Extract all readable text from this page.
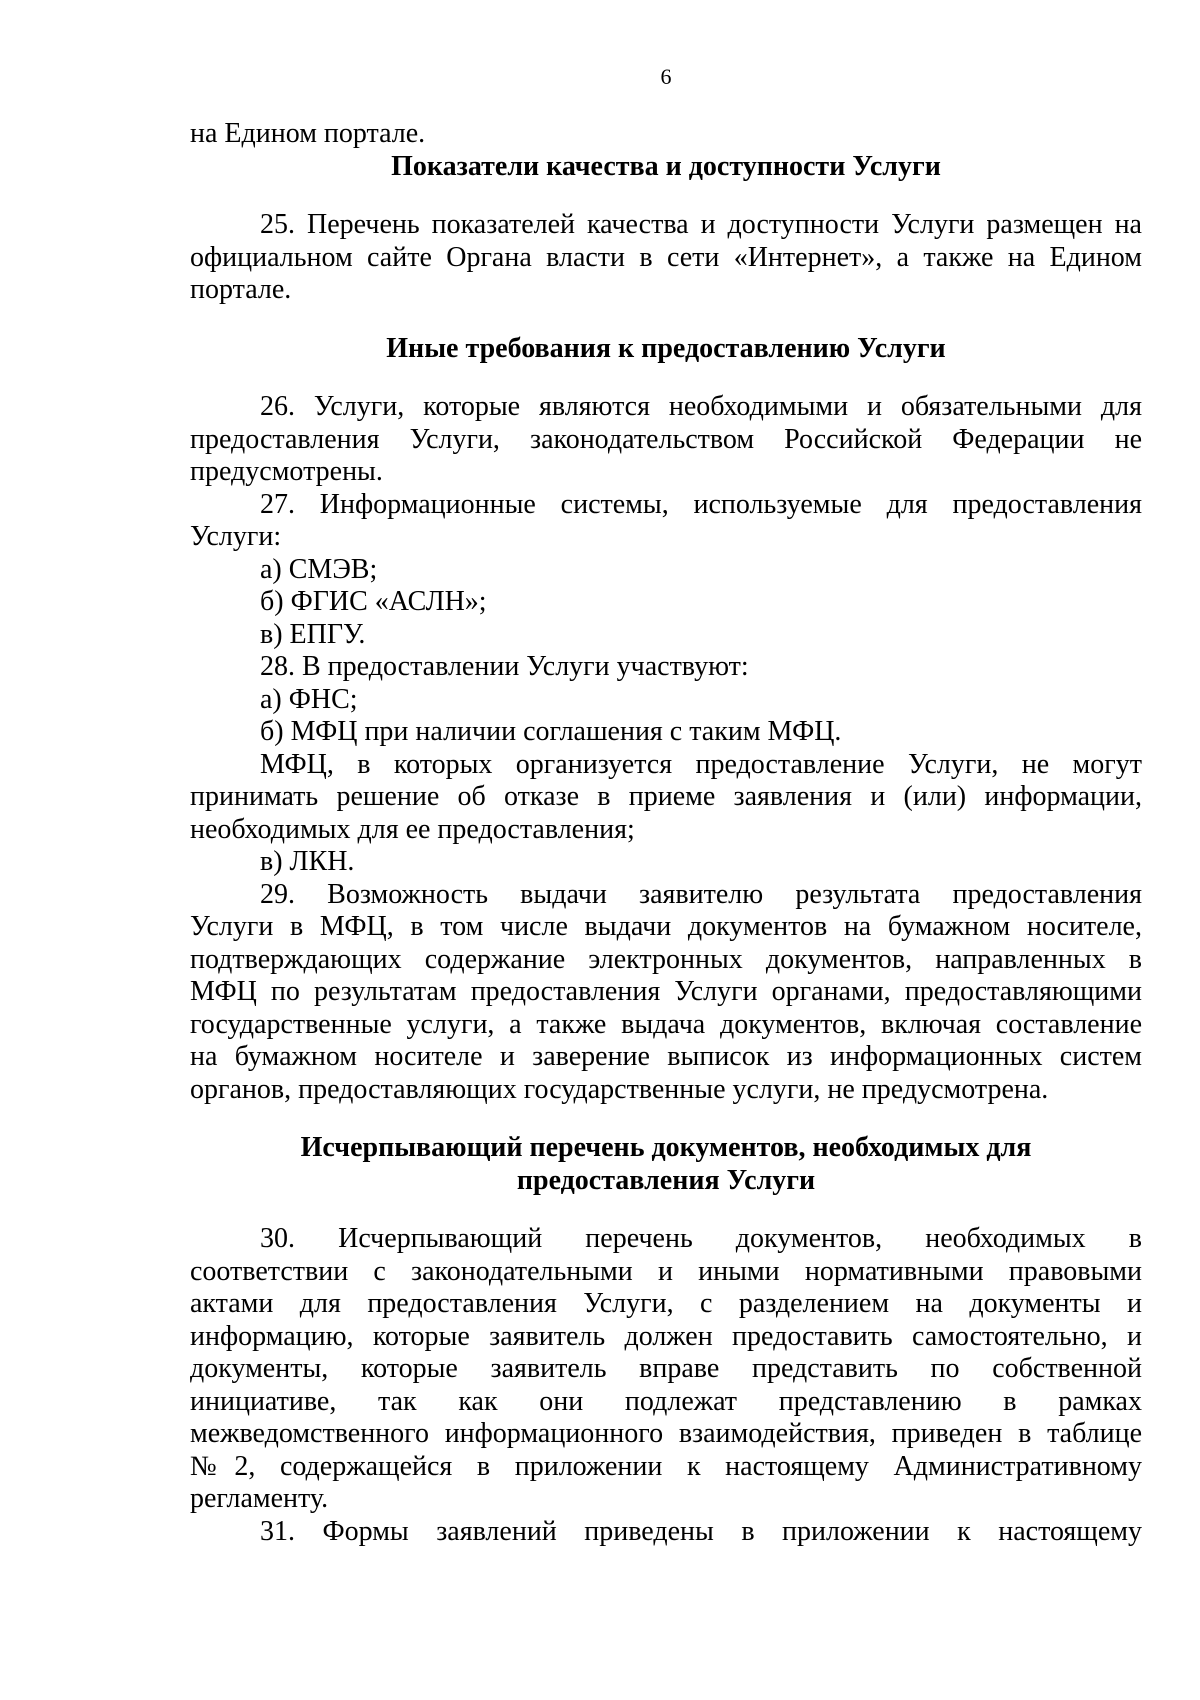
6
на Едином портале.
Показатели качества и доступности Услуги
25. Перечень показателей качества и доступности Услуги размещен на
официальном сайте Органа власти в сети «Интернет», а также на Едином
портале.
Иные требования к предоставлению Услуги
26. Услуги, которые являются необходимыми и обязательными для
предоставления Услуги, законодательством Российской Федерации не
предусмотрены.
27. Информационные системы, используемые для предоставления
Услуги:
а) СМЭВ;
б) ФГИС «АСЛН»;
в) ЕПГУ.
28. В предоставлении Услуги участвуют:
а) ФНС;
б) МФЦ при наличии соглашения с таким МФЦ.
МФЦ, в которых организуется предоставление Услуги, не могут
принимать решение об отказе в приеме заявления и (или) информации,
необходимых для ее предоставления;
в) ЛКН.
29. Возможность выдачи заявителю результата предоставления
Услуги в МФЦ, в том числе выдачи документов на бумажном носителе,
подтверждающих содержание электронных документов, направленных в
МФЦ по результатам предоставления Услуги органами, предоставляющими
государственные услуги, а также выдача документов, включая составление
на бумажном носителе и заверение выписок из информационных систем
органов, предоставляющих государственные услуги, не предусмотрена.
Исчерпывающий перечень документов, необходимых для
предоставления Услуги
30. Исчерпывающий перечень документов, необходимых в
соответствии с законодательными и иными нормативными правовыми
актами для предоставления Услуги, с разделением на документы и
информацию, которые заявитель должен предоставить самостоятельно, и
документы, которые заявитель вправе представить по собственной
инициативе, так как они подлежат представлению в рамках
межведомственного информационного взаимодействия, приведен в таблице
№2, содержащейся в приложении к настоящему Административному
регламенту.
31. Формы заявлений приведены в приложении к настоящему
